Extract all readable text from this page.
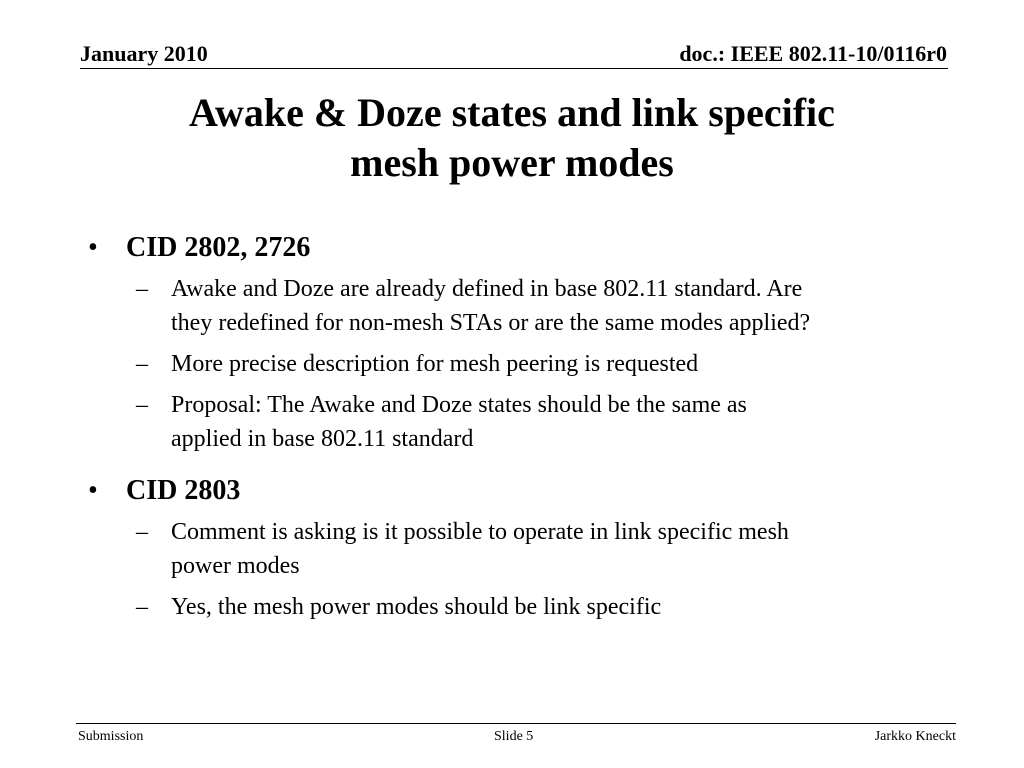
January 2010	doc.: IEEE 802.11-10/0116r0
Awake & Doze states and link specific
mesh power modes
• CID 2802, 2726
– Awake and Doze are already defined in base 802.11 standard. Are
they redefined for non-mesh STAs or are the same modes applied?
– More precise description for mesh peering is requested
– Proposal: The Awake and Doze states should be the same as
applied in base 802.11 standard
• CID 2803
– Comment is asking is it possible to operate in link specific mesh
power modes
– Yes, the mesh power modes should be link specific
Submission	Slide 5	Jarkko Kneckt
